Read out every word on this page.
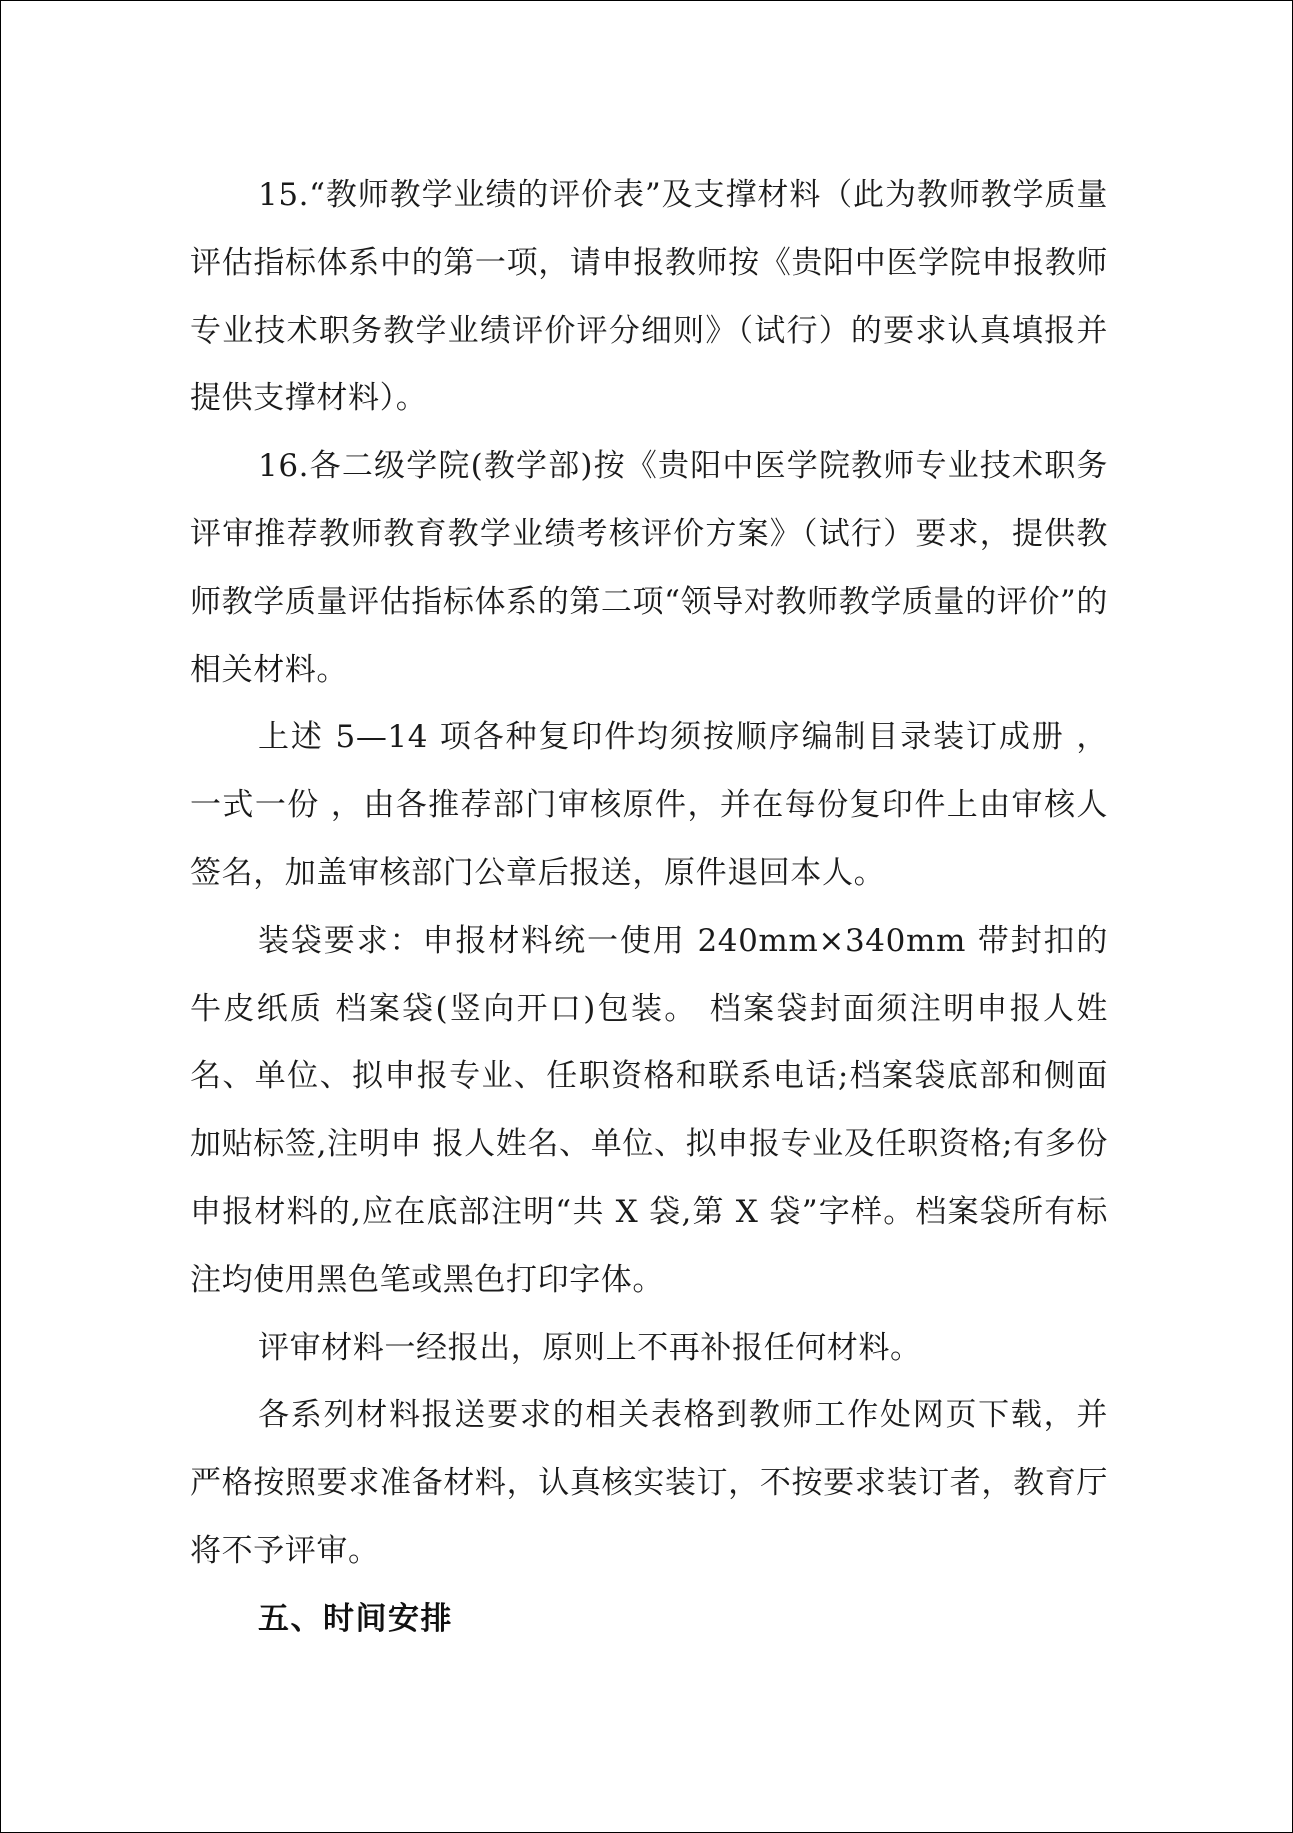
15.“教师教学业绩的评价表”及支撑材料（此为教师教学质量评估指标体系中的第一项，请申报教师按《贵阳中医学院申报教师专业技术职务教学业绩评价评分细则》（试行）的要求认真填报并提供支撑材料）。

16.各二级学院(教学部)按《贵阳中医学院教师专业技术职务评审推荐教师教育教学业绩考核评价方案》（试行）要求，提供教师教学质量评估指标体系的第二项“领导对教师教学质量的评价”的相关材料。

上述 5—14 项各种复印件均须按顺序编制目录装订成册 ，一式一份 ，由各推荐部门审核原件，并在每份复印件上由审核人签名，加盖审核部门公章后报送，原件退回本人。

装袋要求：申报材料统一使用 240mm×340mm 带封扣的牛皮纸质 档案袋(竖向开口)包装。 档案袋封面须注明申报人姓名、单位、拟申报专业、任职资格和联系电话;档案袋底部和侧面加贴标签,注明申 报人姓名、单位、拟申报专业及任职资格;有多份申报材料的,应在底部注明“共 X 袋,第 X 袋”字样。档案袋所有标注均使用黑色笔或黑色打印字体。

评审材料一经报出，原则上不再补报任何材料。

各系列材料报送要求的相关表格到教师工作处网页下载，并严格按照要求准备材料，认真核实装订，不按要求装订者，教育厅将不予评审。

五、时间安排
